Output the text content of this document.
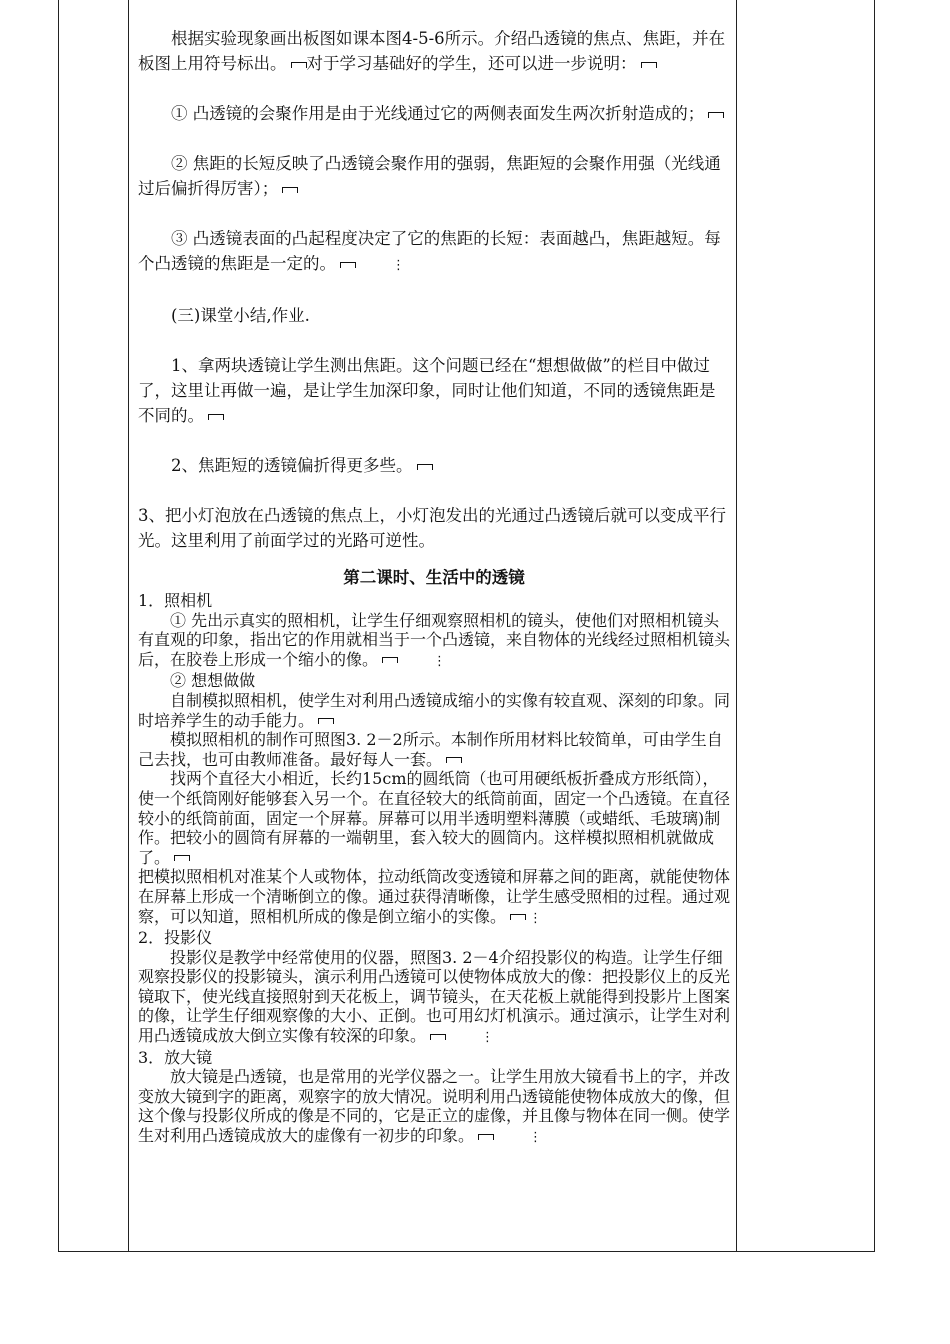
根据实验现象画出板图如课本图4-5-6所示。介绍凸透镜的焦点、焦距，并在板图上用符号标出。 对于学习基础好的学生，还可以进一步说明：

① 凸透镜的会聚作用是由于光线通过它的两侧表面发生两次折射造成的；

② 焦距的长短反映了凸透镜会聚作用的强弱，焦距短的会聚作用强（光线通过后偏折得厉害）；

③ 凸透镜表面的凸起程度决定了它的焦距的长短：表面越凸，焦距越短。每个凸透镜的焦距是一定的。	⋮

(三)课堂小结,作业.

1、拿两块透镜让学生测出焦距。这个问题已经在“想想做做”的栏目中做过了，这里让再做一遍，是让学生加深印象，同时让他们知道，不同的透镜焦距是不同的。

2、焦距短的透镜偏折得更多些。

3、把小灯泡放在凸透镜的焦点上，小灯泡发出的光通过凸透镜后就可以变成平行光。这里利用了前面学过的光路可逆性。

第二课时、生活中的透镜

1．照相机

① 先出示真实的照相机，让学生仔细观察照相机的镜头，使他们对照相机镜头有直观的印象，指出它的作用就相当于一个凸透镜，来自物体的光线经过照相机镜头后，在胶卷上形成一个缩小的像。	⋮

② 想想做做

自制模拟照相机，使学生对利用凸透镜成缩小的实像有较直观、深刻的印象。同时培养学生的动手能力。

模拟照相机的制作可照图3. 2－2所示。本制作所用材料比较简单，可由学生自己去找，也可由教师准备。最好每人一套。

找两个直径大小相近，长约15cm的圆纸筒（也可用硬纸板折叠成方形纸筒），使一个纸筒刚好能够套入另一个。在直径较大的纸筒前面，固定一个凸透镜。在直径较小的纸筒前面，固定一个屏幕。屏幕可以用半透明塑料薄膜（或蜡纸、毛玻璃)制作。把较小的圆筒有屏幕的一端朝里，套入较大的圆筒内。这样模拟照相机就做成了。

把模拟照相机对准某个人或物体，拉动纸筒改变透镜和屏幕之间的距离，就能使物体在屏幕上形成一个清晰倒立的像。通过获得清晰像，让学生感受照相的过程。通过观察，可以知道，照相机所成的像是倒立缩小的实像。 ⋮

2．投影仪

投影仪是教学中经常使用的仪器，照图3. 2－4介绍投影仪的构造。让学生仔细观察投影仪的投影镜头，演示利用凸透镜可以使物体成放大的像：把投影仪上的反光镜取下，使光线直接照射到天花板上，调节镜头，在天花板上就能得到投影片上图案的像，让学生仔细观察像的大小、正倒。也可用幻灯机演示。通过演示，让学生对利用凸透镜成放大倒立实像有较深的印象。	⋮

3．放大镜

放大镜是凸透镜，也是常用的光学仪器之一。让学生用放大镜看书上的字，并改变放大镜到字的距离，观察字的放大情况。说明利用凸透镜能使物体成放大的像，但这个像与投影仪所成的像是不同的，它是正立的虚像，并且像与物体在同一侧。使学生对利用凸透镜成放大的虚像有一初步的印象。	⋮
